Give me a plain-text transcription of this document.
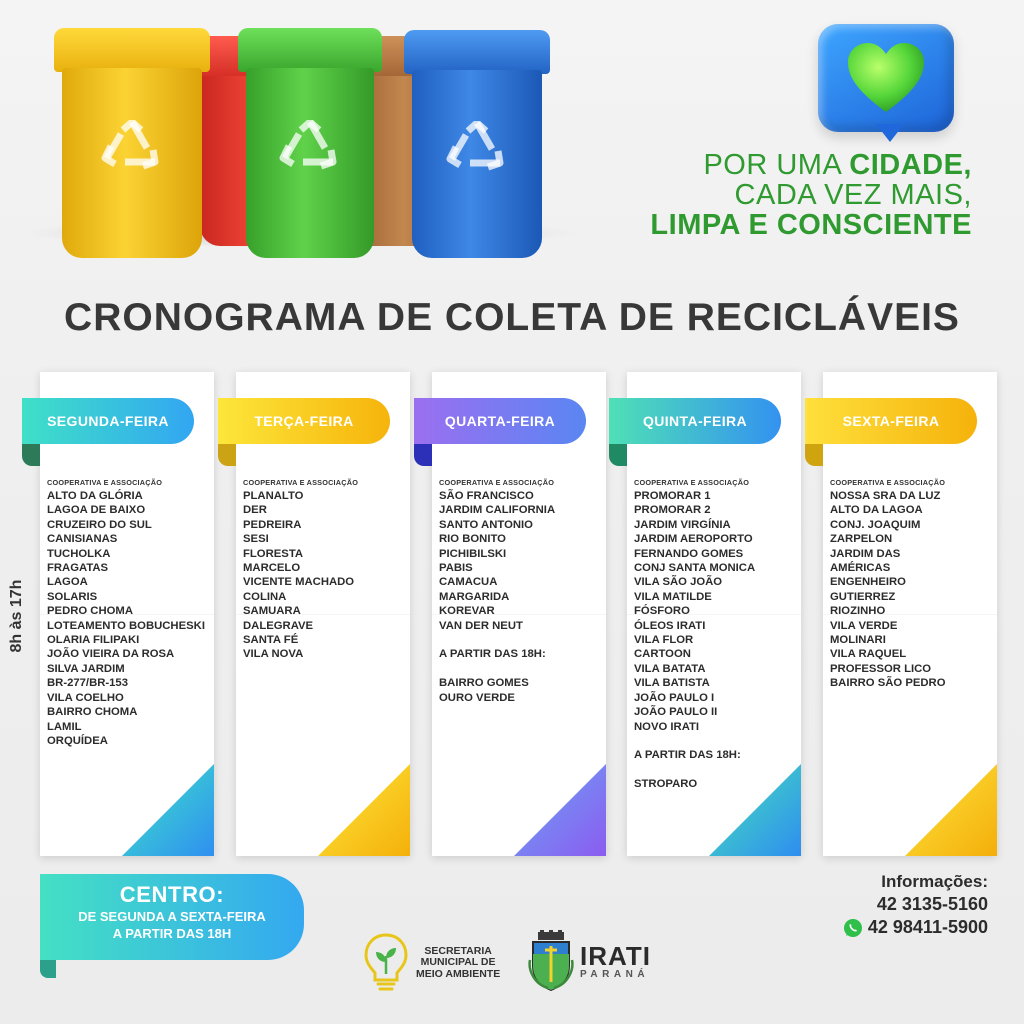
POR UMA CIDADE,
CADA VEZ MAIS,
LIMPA E CONSCIENTE
CRONOGRAMA DE COLETA DE RECICLÁVEIS
8h às 17h
SEGUNDA-FEIRA
COOPERATIVA E ASSOCIAÇÃO
ALTO DA GLÓRIA
LAGOA DE BAIXO
CRUZEIRO DO SUL
CANISIANAS
TUCHOLKA
FRAGATAS
LAGOA
SOLARIS
PEDRO CHOMA
LOTEAMENTO BOBUCHESKI
OLARIA FILIPAKI
JOÃO VIEIRA DA ROSA
SILVA JARDIM
BR-277/BR-153
VILA COELHO
BAIRRO CHOMA
LAMIL
ORQUÍDEA
TERÇA-FEIRA
COOPERATIVA E ASSOCIAÇÃO
PLANALTO
DER
PEDREIRA
SESI
FLORESTA
MARCELO
VICENTE MACHADO
COLINA
SAMUARA
DALEGRAVE
SANTA FÉ
VILA NOVA
QUARTA-FEIRA
COOPERATIVA E ASSOCIAÇÃO
SÃO FRANCISCO
JARDIM CALIFORNIA
SANTO ANTONIO
RIO BONITO
PICHIBILSKI
PABIS
CAMACUA
MARGARIDA
KOREVAR
VAN DER NEUT
A PARTIR DAS 18H:
BAIRRO GOMES
OURO VERDE
QUINTA-FEIRA
COOPERATIVA E ASSOCIAÇÃO
PROMORAR 1
PROMORAR 2
JARDIM VIRGÍNIA
JARDIM AEROPORTO
FERNANDO GOMES
CONJ SANTA MONICA
VILA SÃO JOÃO
VILA MATILDE
FÓSFORO
ÓLEOS IRATI
VILA FLOR
CARTOON
VILA BATATA
VILA BATISTA
JOÃO PAULO I
JOÃO PAULO II
NOVO IRATI
A PARTIR DAS 18H:
STROPARO
SEXTA-FEIRA
COOPERATIVA E ASSOCIAÇÃO
NOSSA SRA DA LUZ
ALTO DA LAGOA
CONJ. JOAQUIM
ZARPELON
JARDIM DAS
AMÉRICAS
ENGENHEIRO
GUTIERREZ
RIOZINHO
VILA VERDE
MOLINARI
VILA RAQUEL
PROFESSOR LICO
BAIRRO SÃO PEDRO
CENTRO:
DE SEGUNDA A SEXTA-FEIRA
A PARTIR DAS 18H
Informações:
42 3135-5160
42 98411-5900
SECRETARIA
MUNICIPAL DE
MEIO AMBIENTE
IRATI
PARANÁ
